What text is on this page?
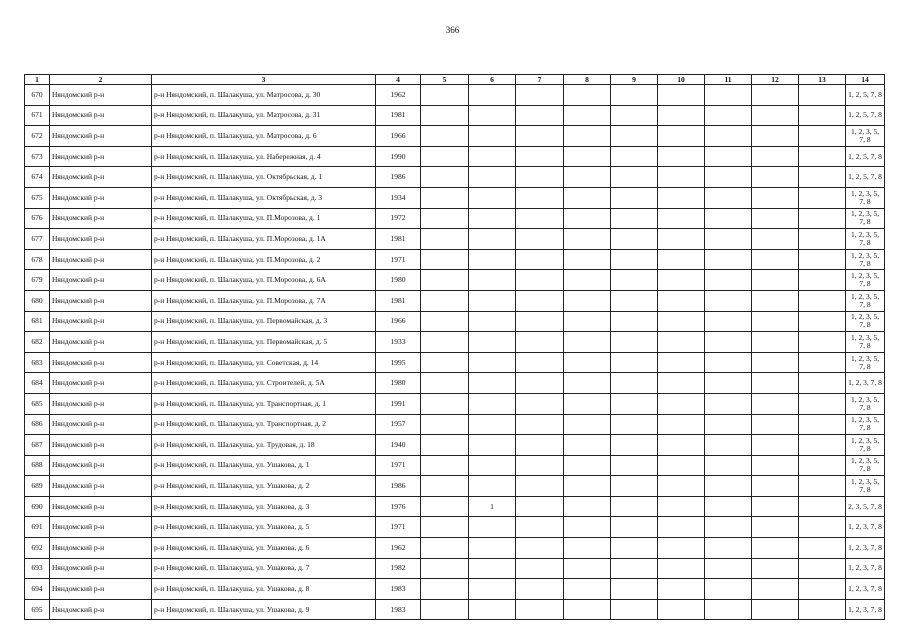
366
1	2	3	4	5	6	7	8	9	10	11	12	13	14
670	Няндомский р-н	р-н Няндомский, п. Шалакуша, ул. Матросова, д. 30	1962										1, 2, 5, 7, 8
671	Няндомский р-н	р-н Няндомский, п. Шалакуша, ул. Матросова, д. 31	1981										1, 2, 5, 7, 8
672	Няндомский р-н	р-н Няндомский, п. Шалакуша, ул. Матросова, д. 6	1966										1, 2, 3, 5, 7, 8
673	Няндомский р-н	р-н Няндомский, п. Шалакуша, ул. Набережная, д. 4	1990										1, 2, 5, 7, 8
674	Няндомский р-н	р-н Няндомский, п. Шалакуша, ул. Октябрьская, д. 1	1986										1, 2, 5, 7, 8
675	Няндомский р-н	р-н Няндомский, п. Шалакуша, ул. Октябрьская, д. 3	1934										1, 2, 3, 5, 7, 8
676	Няндомский р-н	р-н Няндомский, п. Шалакуша, ул. П.Морозова, д. 1	1972										1, 2, 3, 5, 7, 8
677	Няндомский р-н	р-н Няндомский, п. Шалакуша, ул. П.Морозова, д. 1А	1981										1, 2, 3, 5, 7, 8
678	Няндомский р-н	р-н Няндомский, п. Шалакуша, ул. П.Морозова, д. 2	1971										1, 2, 3, 5, 7, 8
679	Няндомский р-н	р-н Няндомский, п. Шалакуша, ул. П.Морозова, д. 6А	1980										1, 2, 3, 5, 7, 8
680	Няндомский р-н	р-н Няндомский, п. Шалакуша, ул. П.Морозова, д. 7А	1981										1, 2, 3, 5, 7, 8
681	Няндомский р-н	р-н Няндомский, п. Шалакуша, ул. Первомайская, д. 3	1966										1, 2, 3, 5, 7, 8
682	Няндомский р-н	р-н Няндомский, п. Шалакуша, ул. Первомайская, д. 5	1933										1, 2, 3, 5, 7, 8
683	Няндомский р-н	р-н Няндомский, п. Шалакуша, ул. Советская, д. 14	1995										1, 2, 3, 5, 7, 8
684	Няндомский р-н	р-н Няндомский, п. Шалакуша, ул. Строителей, д. 5А	1980										1, 2, 3, 7, 8
685	Няндомский р-н	р-н Няндомский, п. Шалакуша, ул. Транспортная, д. 1	1991										1, 2, 3, 5, 7, 8
686	Няндомский р-н	р-н Няндомский, п. Шалакуша, ул. Транспортная, д. 2	1957										1, 2, 3, 5, 7, 8
687	Няндомский р-н	р-н Няндомский, п. Шалакуша, ул. Трудовая, д. 18	1940										1, 2, 3, 5, 7, 8
688	Няндомский р-н	р-н Няндомский, п. Шалакуша, ул. Ушакова, д. 1	1971										1, 2, 3, 5, 7, 8
689	Няндомский р-н	р-н Няндомский, п. Шалакуша, ул. Ушакова, д. 2	1986										1, 2, 3, 5, 7, 8
690	Няндомский р-н	р-н Няндомский, п. Шалакуша, ул. Ушакова, д. 3	1976		1								2, 3, 5, 7, 8
691	Няндомский р-н	р-н Няндомский, п. Шалакуша, ул. Ушакова, д. 5	1971										1, 2, 3, 7, 8
692	Няндомский р-н	р-н Няндомский, п. Шалакуша, ул. Ушакова, д. 6	1962										1, 2, 3, 7, 8
693	Няндомский р-н	р-н Няндомский, п. Шалакуша, ул. Ушакова, д. 7	1982										1, 2, 3, 7, 8
694	Няндомский р-н	р-н Няндомский, п. Шалакуша, ул. Ушакова, д. 8	1983										1, 2, 3, 7, 8
695	Няндомский р-н	р-н Няндомский, п. Шалакуша, ул. Ушакова, д. 9	1983										1, 2, 3, 7, 8
